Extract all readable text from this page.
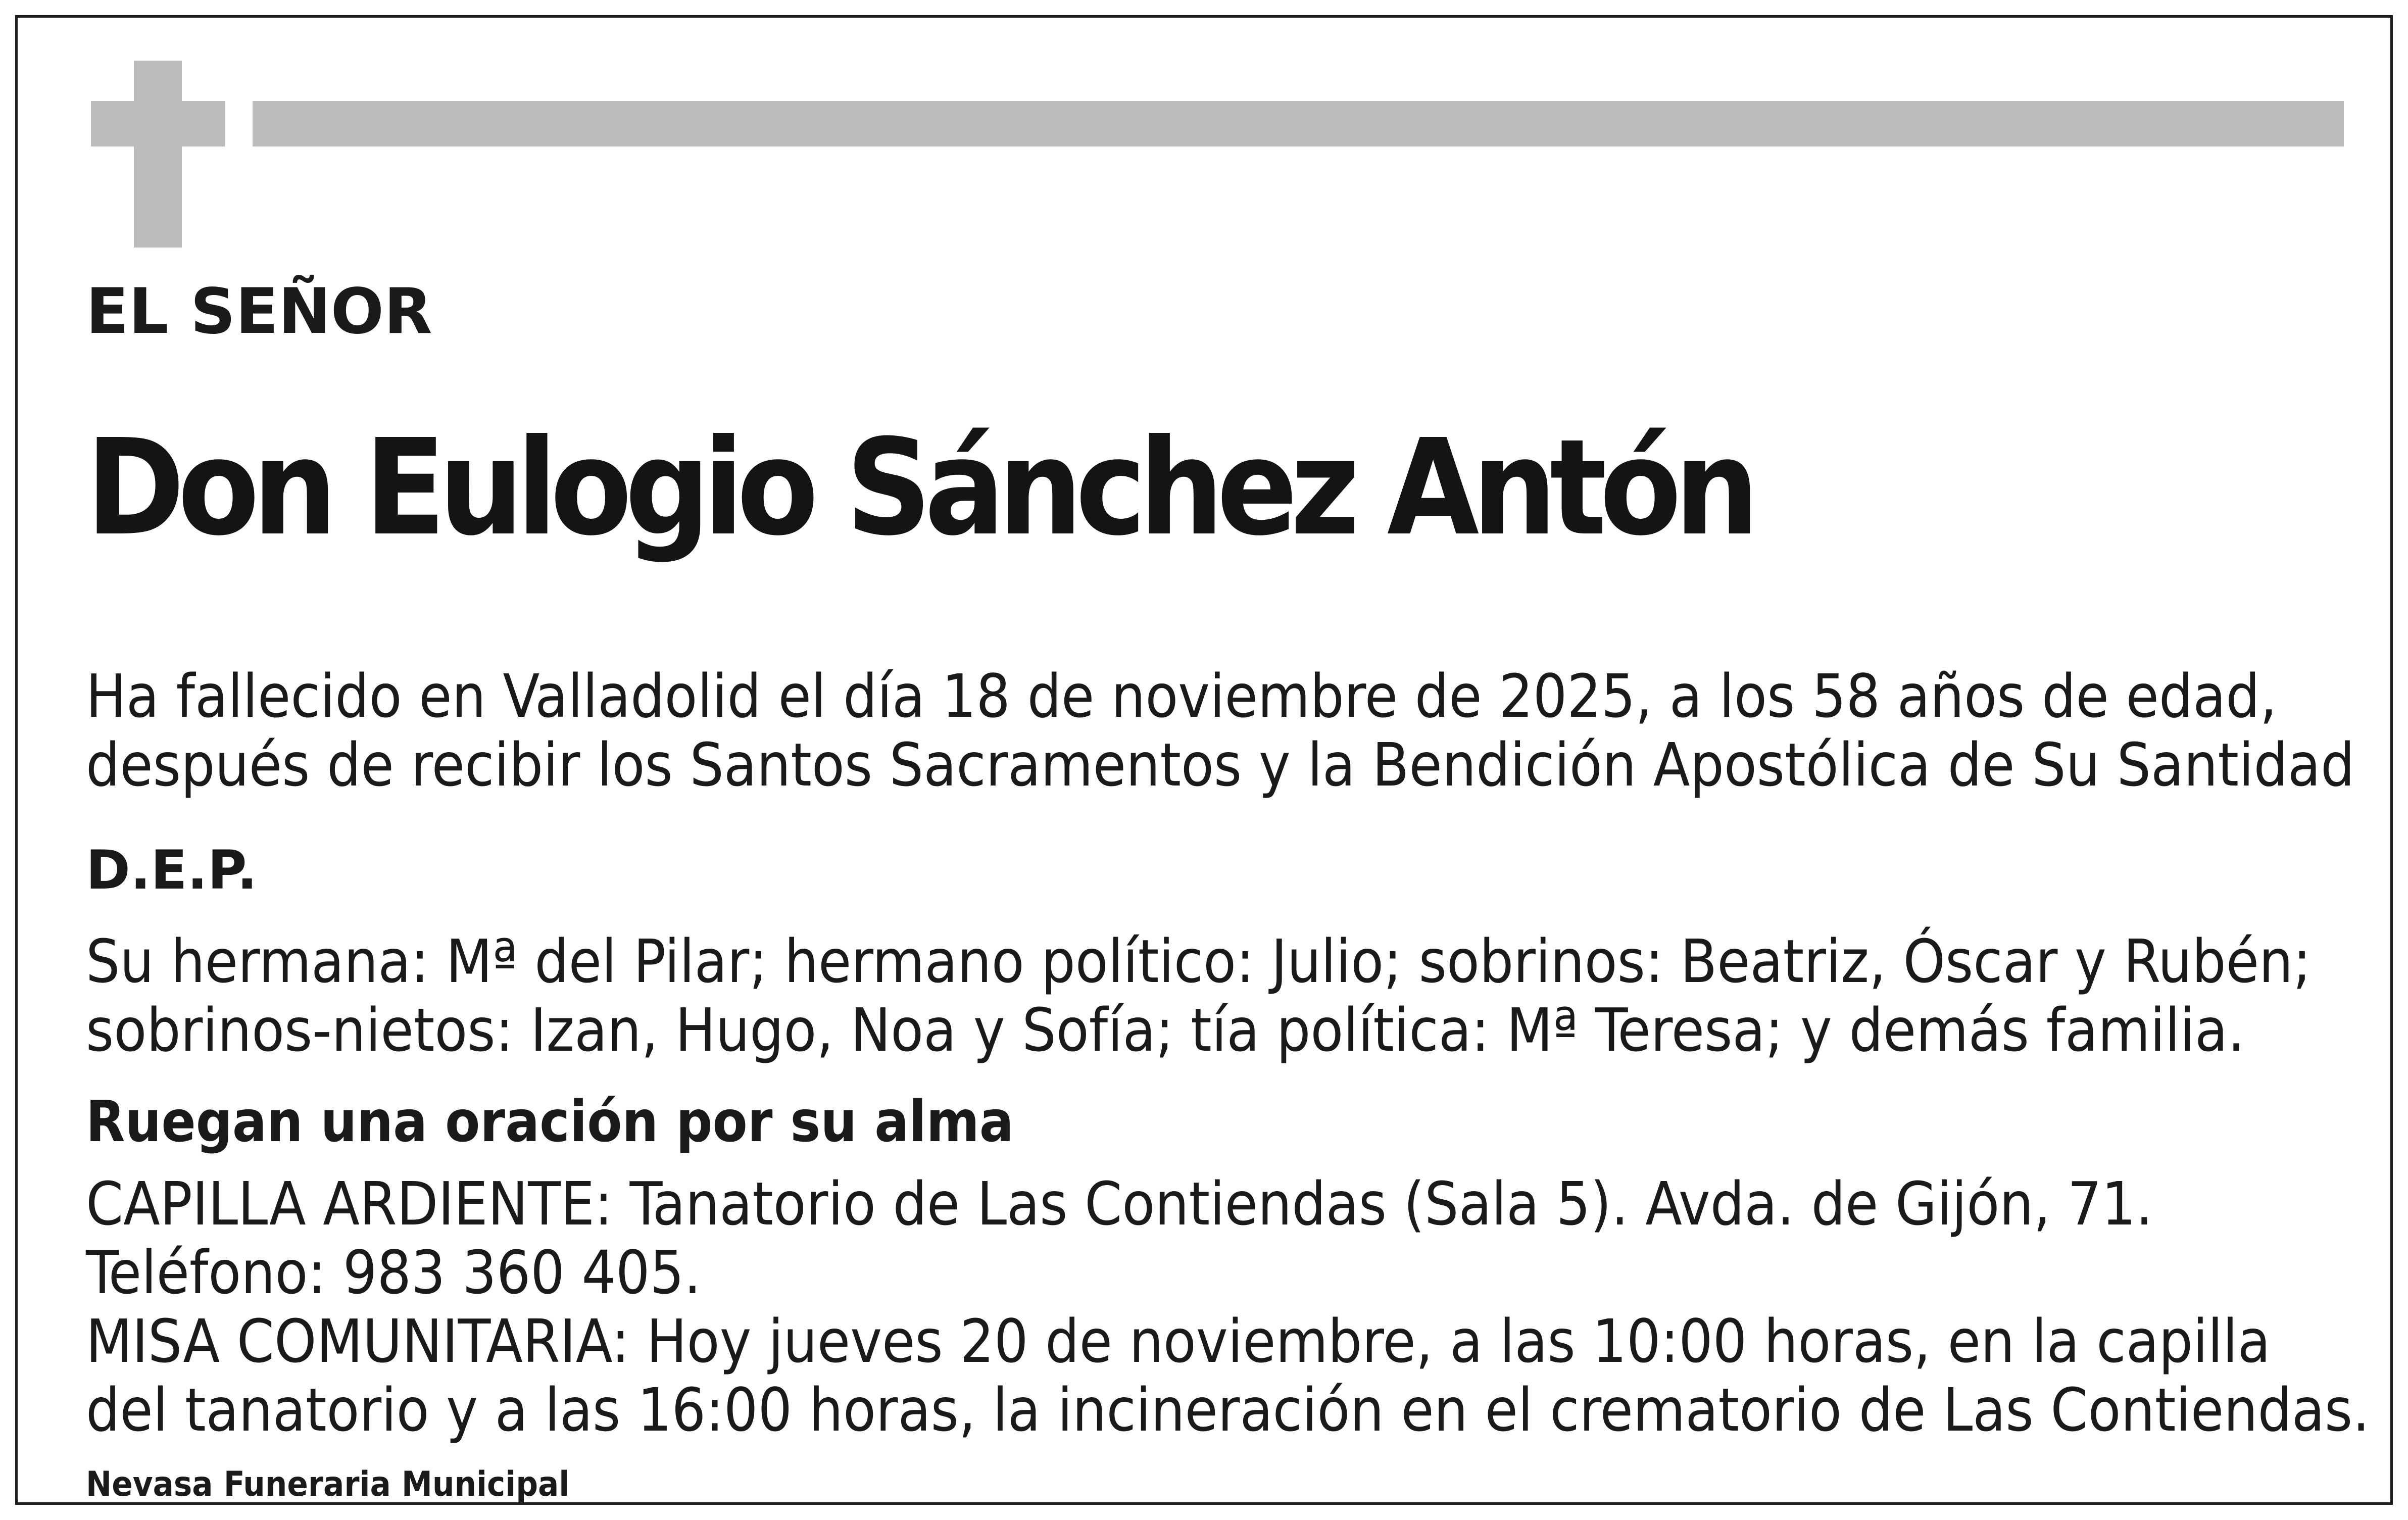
EL SEÑOR

Don Eulogio Sánchez Antón

Ha fallecido en Valladolid el día 18 de noviembre de 2025, a los 58 años de edad,
después de recibir los Santos Sacramentos y la Bendición Apostólica de Su Santidad

D.E.P.

Su hermana: Mª del Pilar; hermano político: Julio; sobrinos: Beatriz, Óscar y Rubén;
sobrinos-nietos: Izan, Hugo, Noa y Sofía; tía política: Mª Teresa; y demás familia.

Ruegan una oración por su alma

CAPILLA ARDIENTE: Tanatorio de Las Contiendas (Sala 5). Avda. de Gijón, 71.
Teléfono: 983 360 405.
MISA COMUNITARIA: Hoy jueves 20 de noviembre, a las 10:00 horas, en la capilla
del tanatorio y a las 16:00 horas, la incineración en el crematorio de Las Contiendas.

Nevasa Funeraria Municipal
